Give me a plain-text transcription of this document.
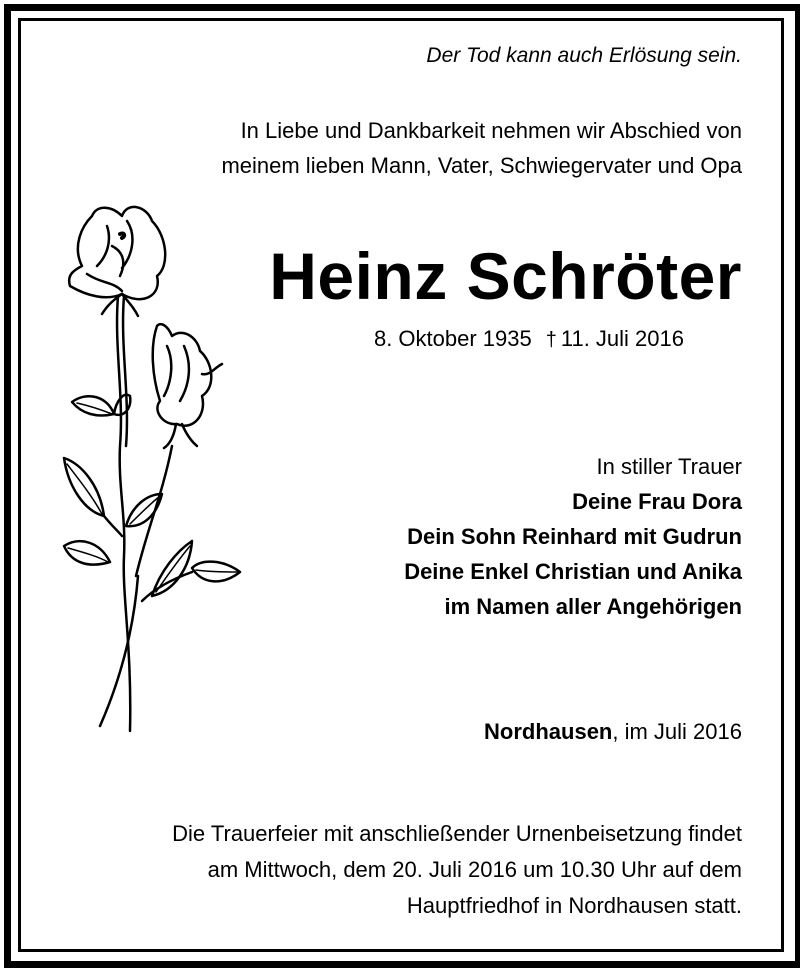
Der Tod kann auch Erlösung sein.
In Liebe und Dankbarkeit nehmen wir Abschied von
meinem lieben Mann, Vater, Schwiegervater und Opa
Heinz Schröter
8. Oktober 1935 † 11. Juli 2016
In stiller Trauer
Deine Frau Dora
Dein Sohn Reinhard mit Gudrun
Deine Enkel Christian und Anika
im Namen aller Angehörigen
Nordhausen, im Juli 2016
Die Trauerfeier mit anschließender Urnenbeisetzung findet
am Mittwoch, dem 20. Juli 2016 um 10.30 Uhr auf dem
Hauptfriedhof in Nordhausen statt.
